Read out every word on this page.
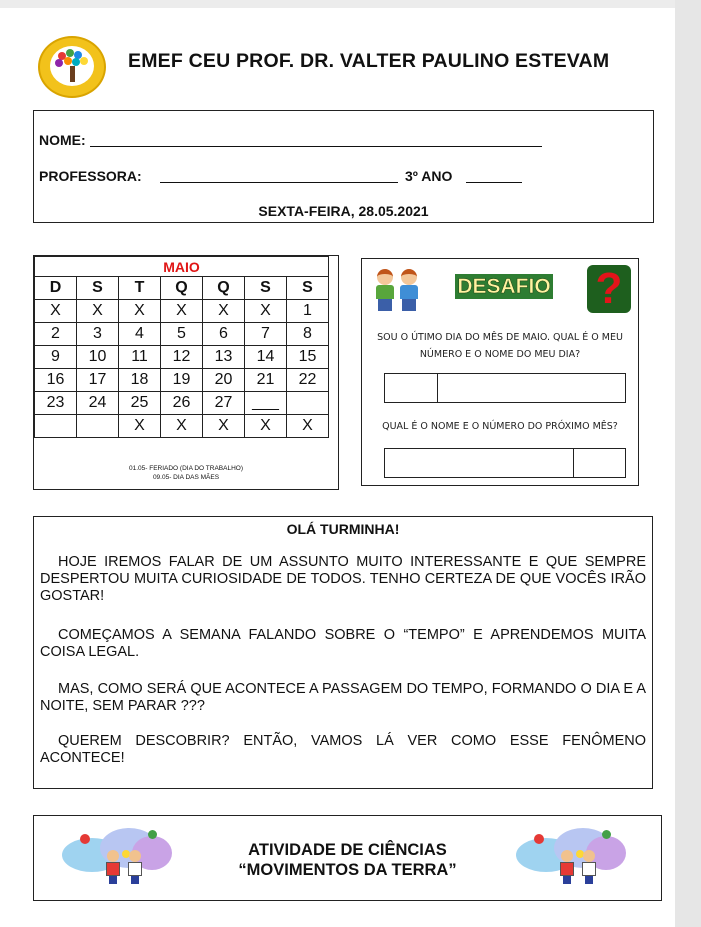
EMEF CEU PROF. DR. VALTER PAULINO ESTEVAM
NOME:
PROFESSORA:	3º ANO
SEXTA-FEIRA, 28.05.2021
MAIO						
D	S	T	Q	Q	S	S
X	X	X	X	X	X	1
2	3	4	5	6	7	8
9	10	11	12	13	14	15
16	17	18	19	20	21	22
23	24	25	26	27	___	
		X	X	X	X	X
01.05- FERIADO (DIA DO TRABALHO)
09.05- DIA DAS MÃES
DESAFIO ?
SOU O ÚTIMO DIA DO MÊS DE MAIO. QUAL É O MEU NÚMERO E O NOME DO MEU DIA?
QUAL É O NOME E O NÚMERO DO PRÓXIMO MÊS?
OLÁ TURMINHA!
HOJE IREMOS FALAR DE UM ASSUNTO MUITO INTERESSANTE E QUE SEMPRE DESPERTOU MUITA CURIOSIDADE DE TODOS. TENHO CERTEZA DE QUE VOCÊS IRÃO GOSTAR!
COMEÇAMOS A SEMANA FALANDO SOBRE O “TEMPO” E APRENDEMOS MUITA COISA LEGAL.
MAS, COMO SERÁ QUE ACONTECE A PASSAGEM DO TEMPO, FORMANDO O DIA E A NOITE, SEM PARAR ???
QUEREM DESCOBRIR? ENTÃO, VAMOS LÁ VER COMO ESSE FENÔMENO ACONTECE!
ATIVIDADE DE CIÊNCIAS
“MOVIMENTOS DA TERRA”
